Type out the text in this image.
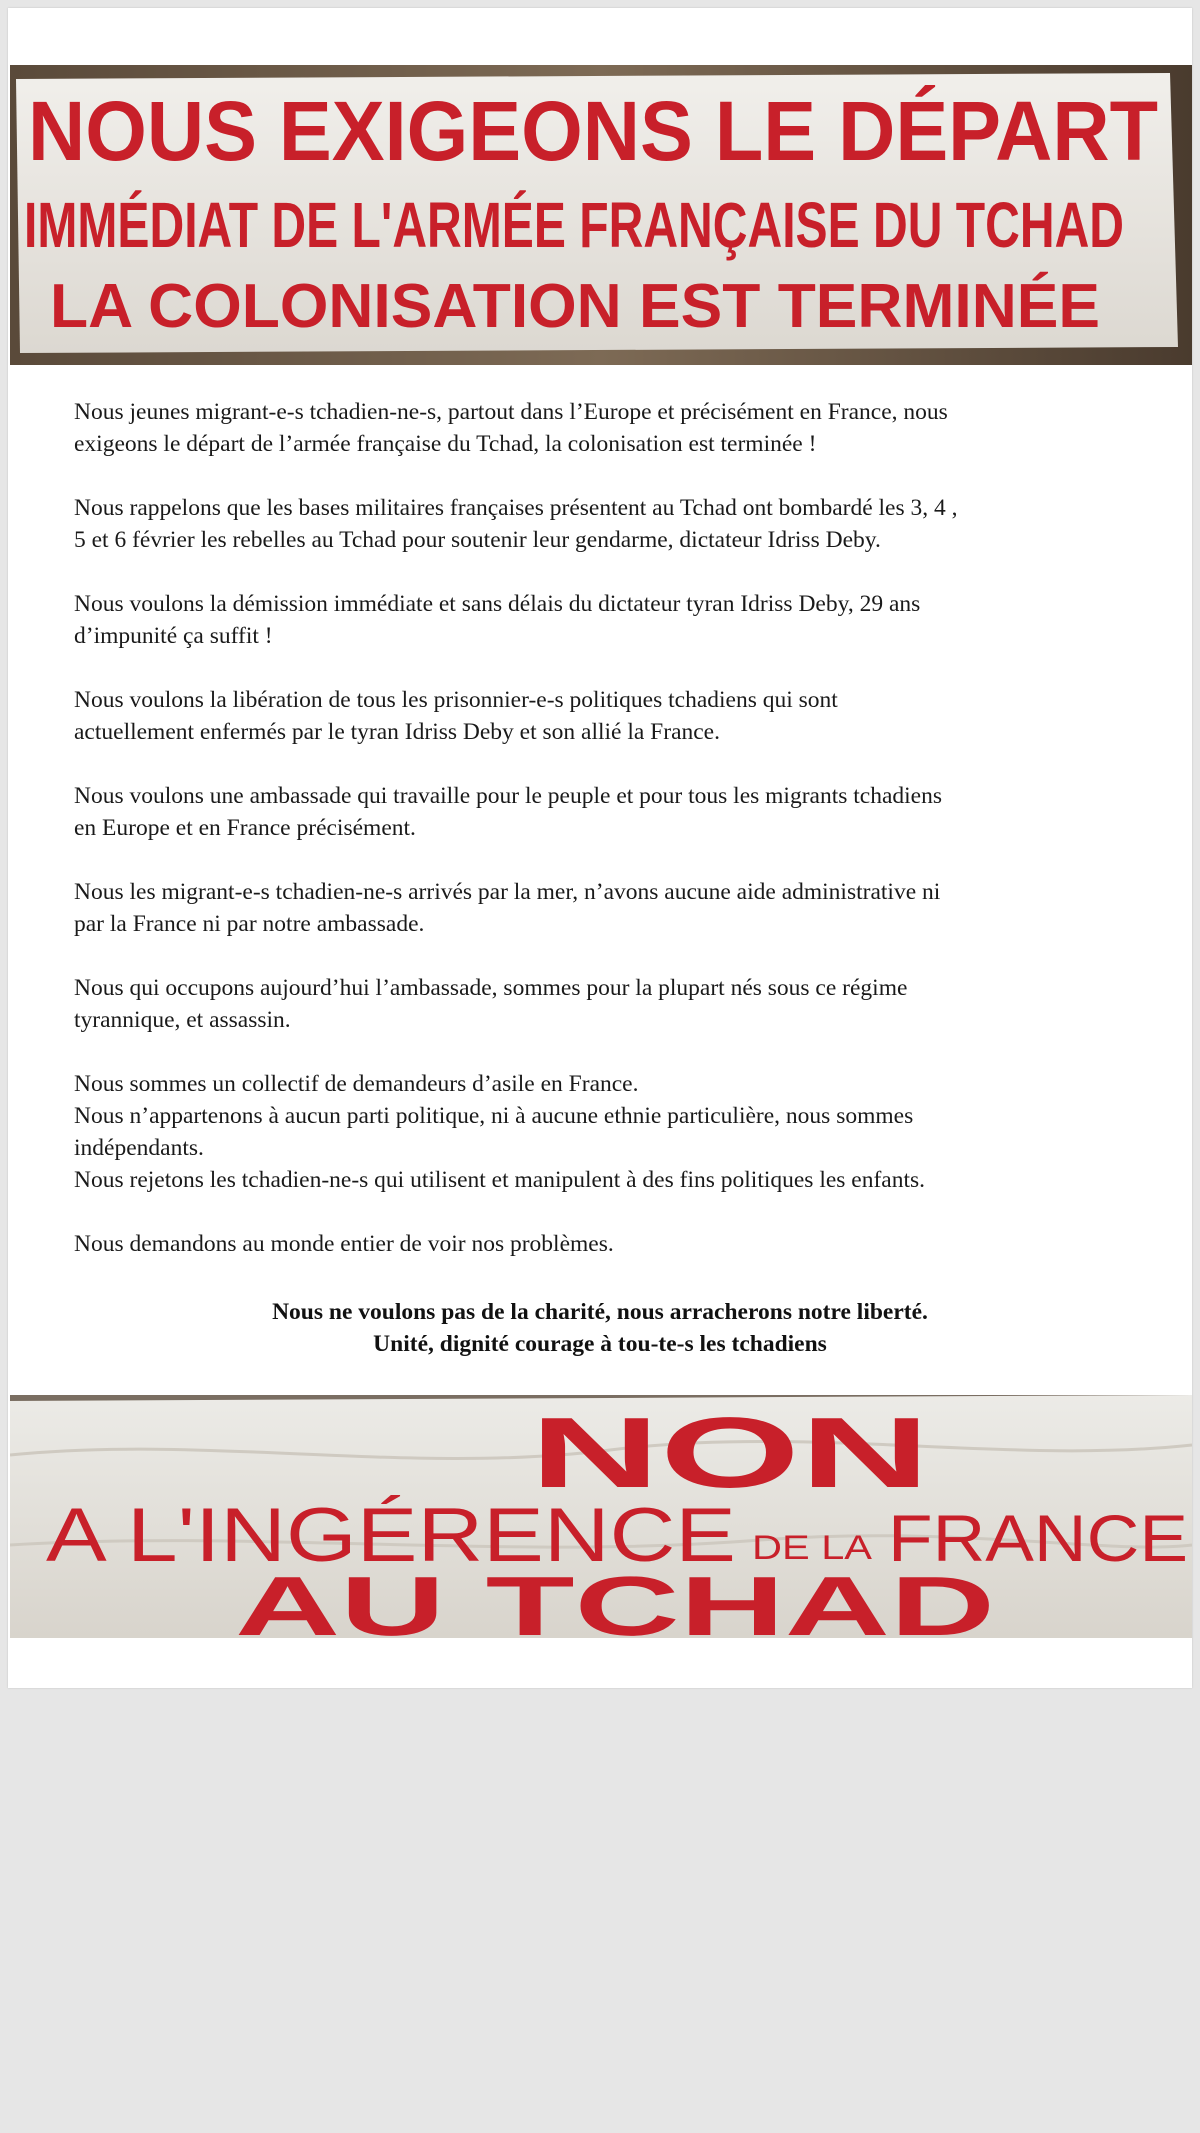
NOUS EXIGEONS LE DÉPART
IMMÉDIAT DE L'ARMÉE FRANÇAISE DU TCHAD
LA COLONISATION EST TERMINÉE

Nous jeunes migrant-e-s tchadien-ne-s, partout dans l’Europe et précisément en France, nous
exigeons le départ de l’armée française du Tchad, la colonisation est terminée !

Nous rappelons que les bases militaires françaises présentent au Tchad ont bombardé les 3, 4 ,
5 et 6 février les rebelles au Tchad pour soutenir leur gendarme, dictateur Idriss Deby.

Nous voulons la démission immédiate et sans délais du dictateur tyran Idriss Deby, 29 ans
d’impunité ça suffit !

Nous voulons la libération de tous les prisonnier-e-s politiques tchadiens qui sont
actuellement enfermés par le tyran Idriss Deby et son allié la France.

Nous voulons une ambassade qui travaille pour le peuple et pour tous les migrants tchadiens
en Europe et en France précisément.

Nous les migrant-e-s tchadien-ne-s arrivés par la mer, n’avons aucune aide administrative ni
par la France ni par notre ambassade.

Nous qui occupons aujourd’hui l’ambassade, sommes pour la plupart nés sous ce régime
tyrannique, et assassin.

Nous sommes un collectif de demandeurs d’asile en France.
Nous n’appartenons à aucun parti politique, ni à aucune ethnie particulière, nous sommes
indépendants.
Nous rejetons les tchadien-ne-s qui utilisent et manipulent à des fins politiques les enfants.

Nous demandons au monde entier de voir nos problèmes.

Nous ne voulons pas de la charité, nous arracherons notre liberté.
Unité, dignité courage à tou-te-s les tchadiens
NON
A L'INGÉRENCE DE LA FRANCE
AU TCHAD
